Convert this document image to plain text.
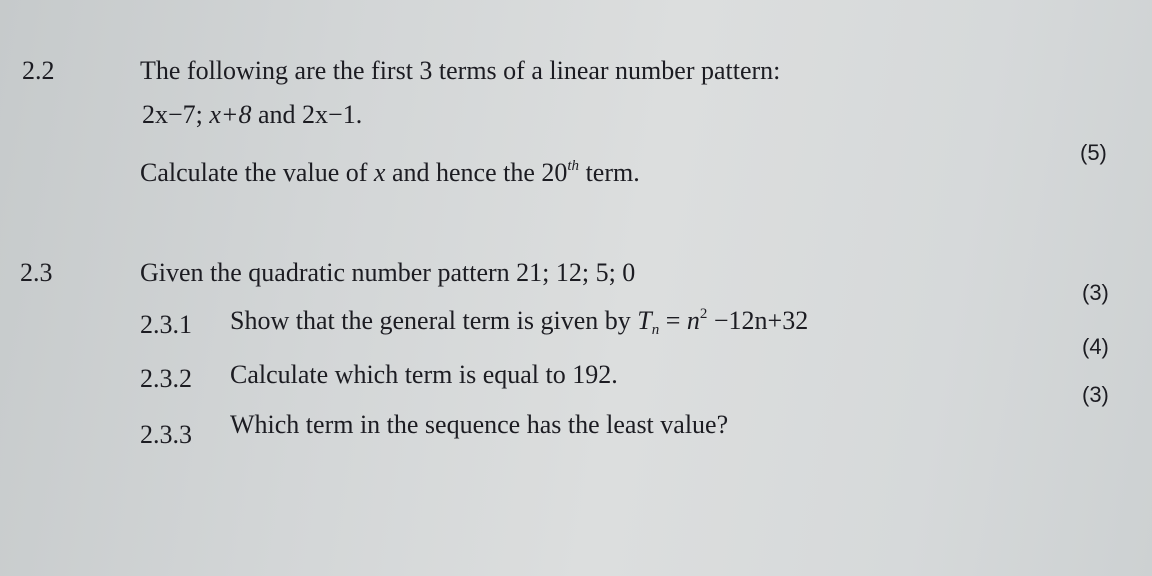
2.2	The following are the first 3 terms of a linear number pattern:
2x−7; x+8 and 2x−1.
Calculate the value of x and hence the 20th term.
(5)
2.3	Given the quadratic number pattern 21; 12; 5; 0
2.3.1 Show that the general term is given by $T_n = n^2 -12n+32$
(3)
(4)
2.3.2 Calculate which term is equal to 192.
(3)
2.3.3 Which term in the sequence has the least value?
